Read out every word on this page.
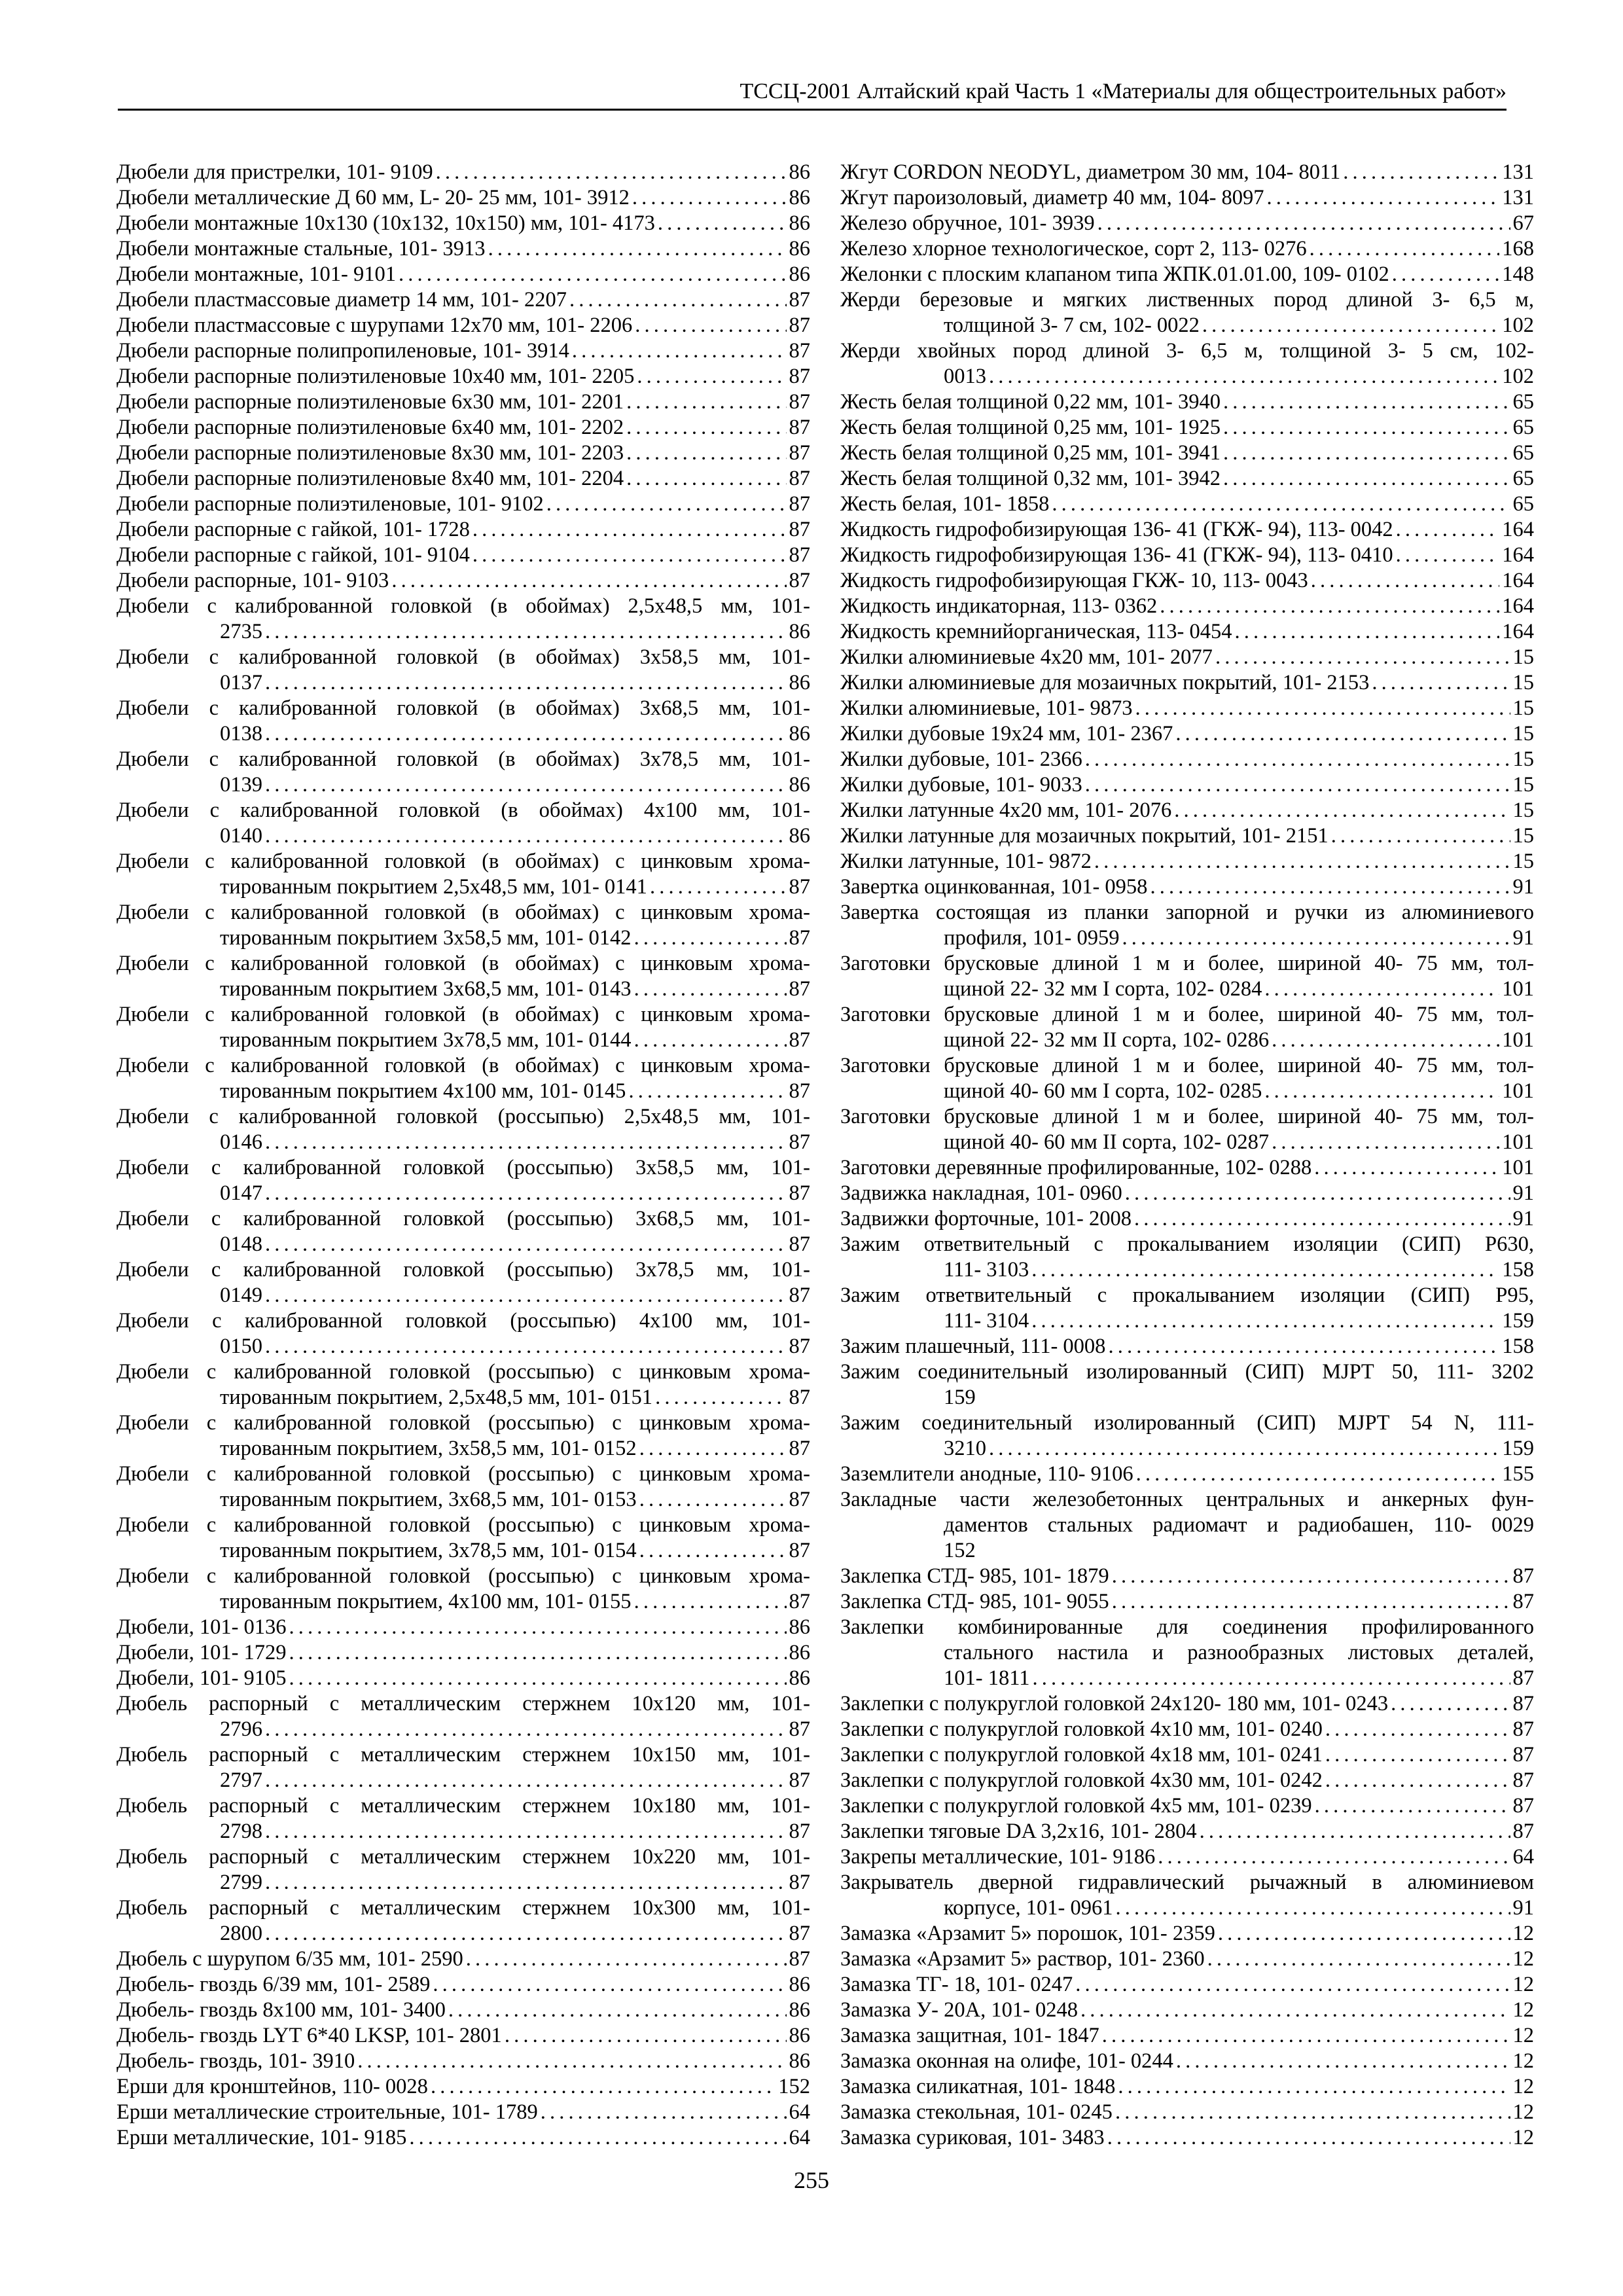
ТССЦ-2001 Алтайский край Часть 1 «Материалы для общестроительных работ»
Дюбели для пристрелки, 101- 9109 . . .	86
Дюбели металлические Д 60 мм, L- 20- 25 мм, 101- 3912 . . .	86
Дюбели монтажные 10х130 (10х132, 10х150) мм, 101- 4173 . . .	86
Дюбели монтажные стальные, 101- 3913 . . .	86
Дюбели монтажные, 101- 9101 . . .	86
Дюбели пластмассовые диаметр 14 мм, 101- 2207 . . .	87
Дюбели пластмассовые с шурупами 12х70 мм, 101- 2206 . . .	87
Дюбели распорные полипропиленовые, 101- 3914 . . .	87
Дюбели распорные полиэтиленовые 10х40 мм, 101- 2205 . . .	87
Дюбели распорные полиэтиленовые 6х30 мм, 101- 2201 . . .	87
Дюбели распорные полиэтиленовые 6х40 мм, 101- 2202 . . .	87
Дюбели распорные полиэтиленовые 8х30 мм, 101- 2203 . . .	87
Дюбели распорные полиэтиленовые 8х40 мм, 101- 2204 . . .	87
Дюбели распорные полиэтиленовые, 101- 9102 . . .	87
Дюбели распорные с гайкой, 101- 1728 . . .	87
Дюбели распорные с гайкой, 101- 9104 . . .	87
Дюбели распорные, 101- 9103 . . .	87
Дюбели с калиброванной головкой (в обоймах) 2,5х48,5 мм, 101-
2735 . . .	86
Дюбели с калиброванной головкой (в обоймах) 3х58,5 мм, 101-
0137 . . .	86
Дюбели с калиброванной головкой (в обоймах) 3х68,5 мм, 101-
0138 . . .	86
Дюбели с калиброванной головкой (в обоймах) 3х78,5 мм, 101-
0139 . . .	86
Дюбели с калиброванной головкой (в обоймах) 4х100 мм, 101-
0140 . . .	86
Дюбели с калиброванной головкой (в обоймах) с цинковым хрома-
тированным покрытием 2,5х48,5 мм, 101- 0141 . . .	87
Дюбели с калиброванной головкой (в обоймах) с цинковым хрома-
тированным покрытием 3х58,5 мм, 101- 0142 . . .	87
Дюбели с калиброванной головкой (в обоймах) с цинковым хрома-
тированным покрытием 3х68,5 мм, 101- 0143 . . .	87
Дюбели с калиброванной головкой (в обоймах) с цинковым хрома-
тированным покрытием 3х78,5 мм, 101- 0144 . . .	87
Дюбели с калиброванной головкой (в обоймах) с цинковым хрома-
тированным покрытием 4х100 мм, 101- 0145 . . .	87
Дюбели с калиброванной головкой (россыпью) 2,5х48,5 мм, 101-
0146 . . .	87
Дюбели с калиброванной головкой (россыпью) 3х58,5 мм, 101-
0147 . . .	87
Дюбели с калиброванной головкой (россыпью) 3х68,5 мм, 101-
0148 . . .	87
Дюбели с калиброванной головкой (россыпью) 3х78,5 мм, 101-
0149 . . .	87
Дюбели с калиброванной головкой (россыпью) 4х100 мм, 101-
0150 . . .	87
Дюбели с калиброванной головкой (россыпью) с цинковым хрома-
тированным покрытием, 2,5х48,5 мм, 101- 0151 . . .	87
Дюбели с калиброванной головкой (россыпью) с цинковым хрома-
тированным покрытием, 3х58,5 мм, 101- 0152 . . .	87
Дюбели с калиброванной головкой (россыпью) с цинковым хрома-
тированным покрытием, 3х68,5 мм, 101- 0153 . . .	87
Дюбели с калиброванной головкой (россыпью) с цинковым хрома-
тированным покрытием, 3х78,5 мм, 101- 0154 . . .	87
Дюбели с калиброванной головкой (россыпью) с цинковым хрома-
тированным покрытием, 4х100 мм, 101- 0155 . . .	87
Дюбели, 101- 0136 . . .	86
Дюбели, 101- 1729 . . .	86
Дюбели, 101- 9105 . . .	86
Дюбель распорный с металлическим стержнем 10х120 мм, 101-
2796 . . .	87
Дюбель распорный с металлическим стержнем 10х150 мм, 101-
2797 . . .	87
Дюбель распорный с металлическим стержнем 10х180 мм, 101-
2798 . . .	87
Дюбель распорный с металлическим стержнем 10х220 мм, 101-
2799 . . .	87
Дюбель распорный с металлическим стержнем 10х300 мм, 101-
2800 . . .	87
Дюбель с шурупом 6/35 мм, 101- 2590 . . .	87
Дюбель- гвоздь 6/39 мм, 101- 2589 . . .	86
Дюбель- гвоздь 8х100 мм, 101- 3400 . . .	86
Дюбель- гвоздь LYT 6*40 LKSP, 101- 2801 . . .	86
Дюбель- гвоздь, 101- 3910 . . .	86
Ерши для кронштейнов, 110- 0028 . . .	152
Ерши металлические строительные, 101- 1789 . . .	64
Ерши металлические, 101- 9185 . . .	64
Жгут CORDON NEODYL, диаметром 30 мм, 104- 8011 . . .	131
Жгут пароизоловый, диаметр 40 мм, 104- 8097 . . .	131
Железо обручное, 101- 3939 . . .	67
Железо хлорное технологическое, сорт 2, 113- 0276 . . .	168
Желонки с плоским клапаном типа ЖПК.01.01.00, 109- 0102 . . .	148
Жерди березовые и мягких лиственных пород длиной 3- 6,5 м,
толщиной 3- 7 см, 102- 0022 . . .	102
Жерди хвойных пород длиной 3- 6,5 м, толщиной 3- 5 см, 102-
0013 . . .	102
Жесть белая толщиной 0,22 мм, 101- 3940 . . .	65
Жесть белая толщиной 0,25 мм, 101- 1925 . . .	65
Жесть белая толщиной 0,25 мм, 101- 3941 . . .	65
Жесть белая толщиной 0,32 мм, 101- 3942 . . .	65
Жесть белая, 101- 1858 . . .	65
Жидкость гидрофобизирующая 136- 41 (ГКЖ- 94), 113- 0042 . . .	164
Жидкость гидрофобизирующая 136- 41 (ГКЖ- 94), 113- 0410 . . .	164
Жидкость гидрофобизирующая ГКЖ- 10, 113- 0043 . . .	164
Жидкость индикаторная, 113- 0362 . . .	164
Жидкость кремнийорганическая, 113- 0454 . . .	164
Жилки алюминиевые 4х20 мм, 101- 2077 . . .	15
Жилки алюминиевые для мозаичных покрытий, 101- 2153 . . .	15
Жилки алюминиевые, 101- 9873 . . .	15
Жилки дубовые 19х24 мм, 101- 2367 . . .	15
Жилки дубовые, 101- 2366 . . .	15
Жилки дубовые, 101- 9033 . . .	15
Жилки латунные 4х20 мм, 101- 2076 . . .	15
Жилки латунные для мозаичных покрытий, 101- 2151 . . .	15
Жилки латунные, 101- 9872 . . .	15
Завертка оцинкованная, 101- 0958 . . .	91
Завертка состоящая из планки запорной и ручки из алюминиевого
профиля, 101- 0959 . . .	91
Заготовки брусковые длиной 1 м и более, шириной 40- 75 мм, тол-
щиной 22- 32 мм I сорта, 102- 0284 . . .	101
Заготовки брусковые длиной 1 м и более, шириной 40- 75 мм, тол-
щиной 22- 32 мм II сорта, 102- 0286 . . .	101
Заготовки брусковые длиной 1 м и более, шириной 40- 75 мм, тол-
щиной 40- 60 мм I сорта, 102- 0285 . . .	101
Заготовки брусковые длиной 1 м и более, шириной 40- 75 мм, тол-
щиной 40- 60 мм II сорта, 102- 0287 . . .	101
Заготовки деревянные профилированные, 102- 0288 . . .	101
Задвижка накладная, 101- 0960 . . .	91
Задвижки форточные, 101- 2008 . . .	91
Зажим ответвительный с прокалыванием изоляции (СИП) Р630,
111- 3103 . . .	158
Зажим ответвительный с прокалыванием изоляции (СИП) Р95,
111- 3104 . . .	159
Зажим плашечный, 111- 0008 . . .	158
Зажим соединительный изолированный (СИП) MJPT 50, 111- 3202
159
Зажим соединительный изолированный (СИП) MJPT 54 N, 111-
3210 . . .	159
Заземлители анодные, 110- 9106 . . .	155
Закладные части железобетонных центральных и анкерных фун-
даментов стальных радиомачт и радиобашен, 110- 0029
152
Заклепка СТД- 985, 101- 1879 . . .	87
Заклепка СТД- 985, 101- 9055 . . .	87
Заклепки комбинированные для соединения профилированного
стального настила и разнообразных листовых деталей,
101- 1811 . . .	87
Заклепки с полукруглой головкой 24х120- 180 мм, 101- 0243 . . .	87
Заклепки с полукруглой головкой 4х10 мм, 101- 0240 . . .	87
Заклепки с полукруглой головкой 4х18 мм, 101- 0241 . . .	87
Заклепки с полукруглой головкой 4х30 мм, 101- 0242 . . .	87
Заклепки с полукруглой головкой 4х5 мм, 101- 0239 . . .	87
Заклепки тяговые DA 3,2х16, 101- 2804 . . .	87
Закрепы металлические, 101- 9186 . . .	64
Закрыватель дверной гидравлический рычажный в алюминиевом
корпусе, 101- 0961 . . .	91
Замазка «Арзамит 5» порошок, 101- 2359 . . .	12
Замазка «Арзамит 5» раствор, 101- 2360 . . .	12
Замазка ТГ- 18, 101- 0247 . . .	12
Замазка У- 20А, 101- 0248 . . .	12
Замазка защитная, 101- 1847 . . .	12
Замазка оконная на олифе, 101- 0244 . . .	12
Замазка силикатная, 101- 1848 . . .	12
Замазка стекольная, 101- 0245 . . .	12
Замазка суриковая, 101- 3483 . . .	12
255
